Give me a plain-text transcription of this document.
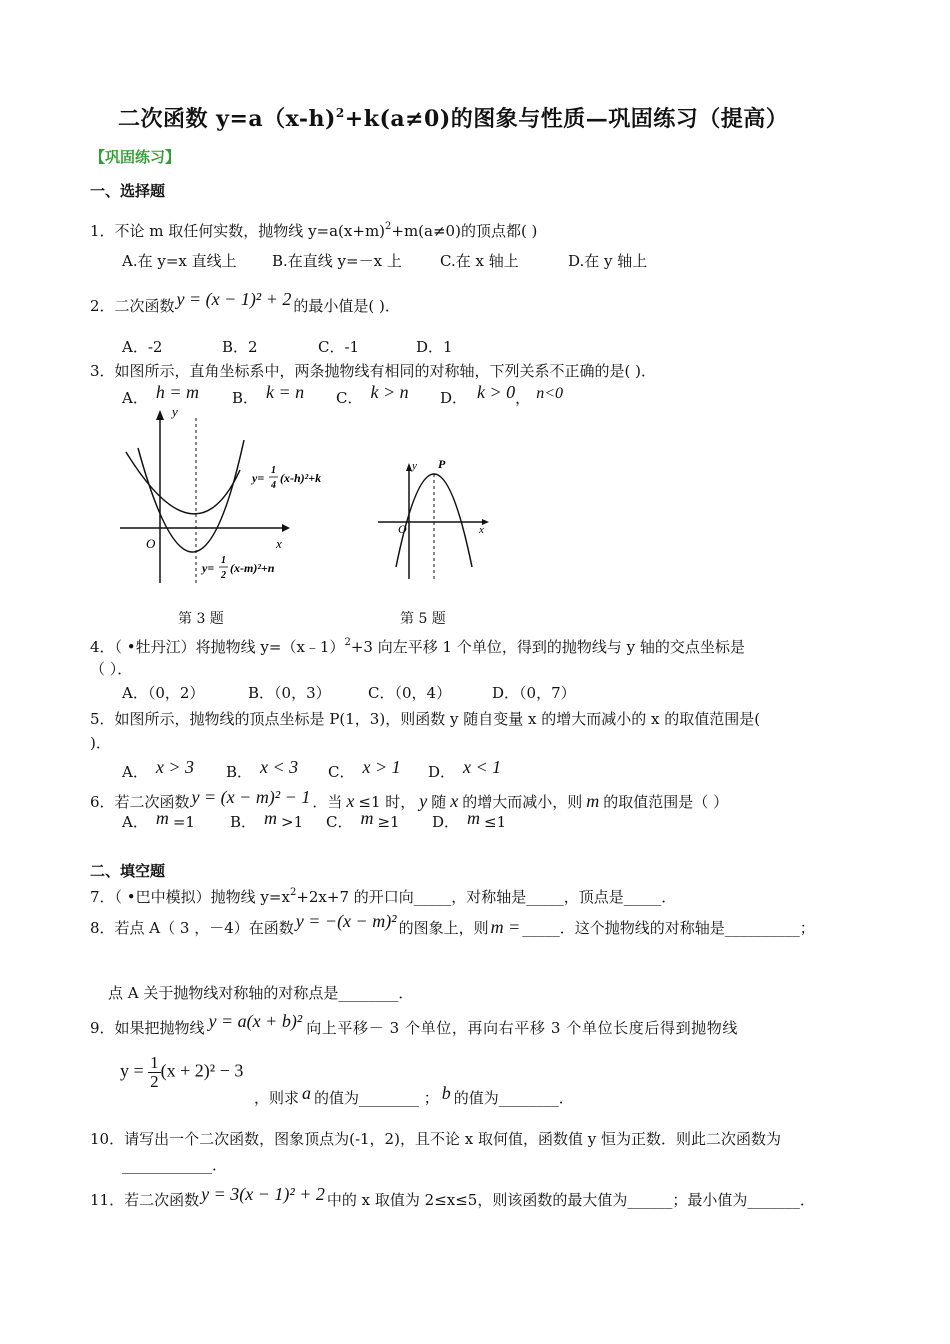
二次函数 y=a（x-h)$^2$+k(a≠0)的图象与性质—巩固练习（提高）
【巩固练习】
一、选择题
1．不论 m 取任何实数，抛物线 $y=a(x+m)^2+m(a\ne 0)$的顶点都( )
A.在 y=x 直线上 B.在直线 y=－x 上	C.在 x 轴上	D.在 y 轴上
2．二次函数 y = (x − 1)² + 2 的最小值是( )．
A．-2	B．2	C．-1	D．1
3．如图所示，直角坐标系中，两条抛物线有相同的对称轴，下列关系不正确的是( )．
A． h = m B． k = n C． k > n D． k > 0， n<0
y
x
O
y=
1
4
(x-h)²+k
y=
1
2
(x-m)²+n
第 3 题
y P
x
O
第 5 题
4．（ •牡丹江）将抛物线 y=（x﹣1）$^2$+3 向左平移 1 个单位，得到的抛物线与 y 轴的交点坐标是
（ ）．
A．（0，2）	B．（0，3） C．（0，4）	D．（0，7）
5．如图所示，抛物线的顶点坐标是 P(1，3)，则函数 y 随自变量 x 的增大而减小的 x 的取值范围是(
)．
A． x > 3 B． x < 3 C． x > 1 D． x < 1
6．若二次函数 y = (x − m)² − 1 ．当 x ≤1 时， y 随 x 的增大而减小，则 m 的取值范围是（ ）
A． m =1 B． m >1 C． m ≥1 D． m ≤1
二、填空题
7．（ •巴中模拟）抛物线 $y=x^2+2x+7$ 的开口向_____，对称轴是_____，顶点是_____．
8．若点 A（ 3 ，－4）在函数 y = −(x − m)² 的图象上，则 m = _____．这个抛物线的对称轴是__________；
点 A 关于抛物线对称轴的对称点是________．
9．如果把抛物线 y = a(x + b)² 向上平移－ 3 个单位，再向右平移 3 个单位长度后得到抛物线
$y = \frac{1}{2} (x + 2)^2 - 3$
，则求 a 的值为________ ； b 的值为________．
10．请写出一个二次函数，图象顶点为(-1，2)，且不论 x 取何值，函数值 y 恒为正数．则此二次函数为
____________．
11．若二次函数 y = 3(x − 1)² + 2 中的 x 取值为 2≤x≤5，则该函数的最大值为______；最小值为_______．
